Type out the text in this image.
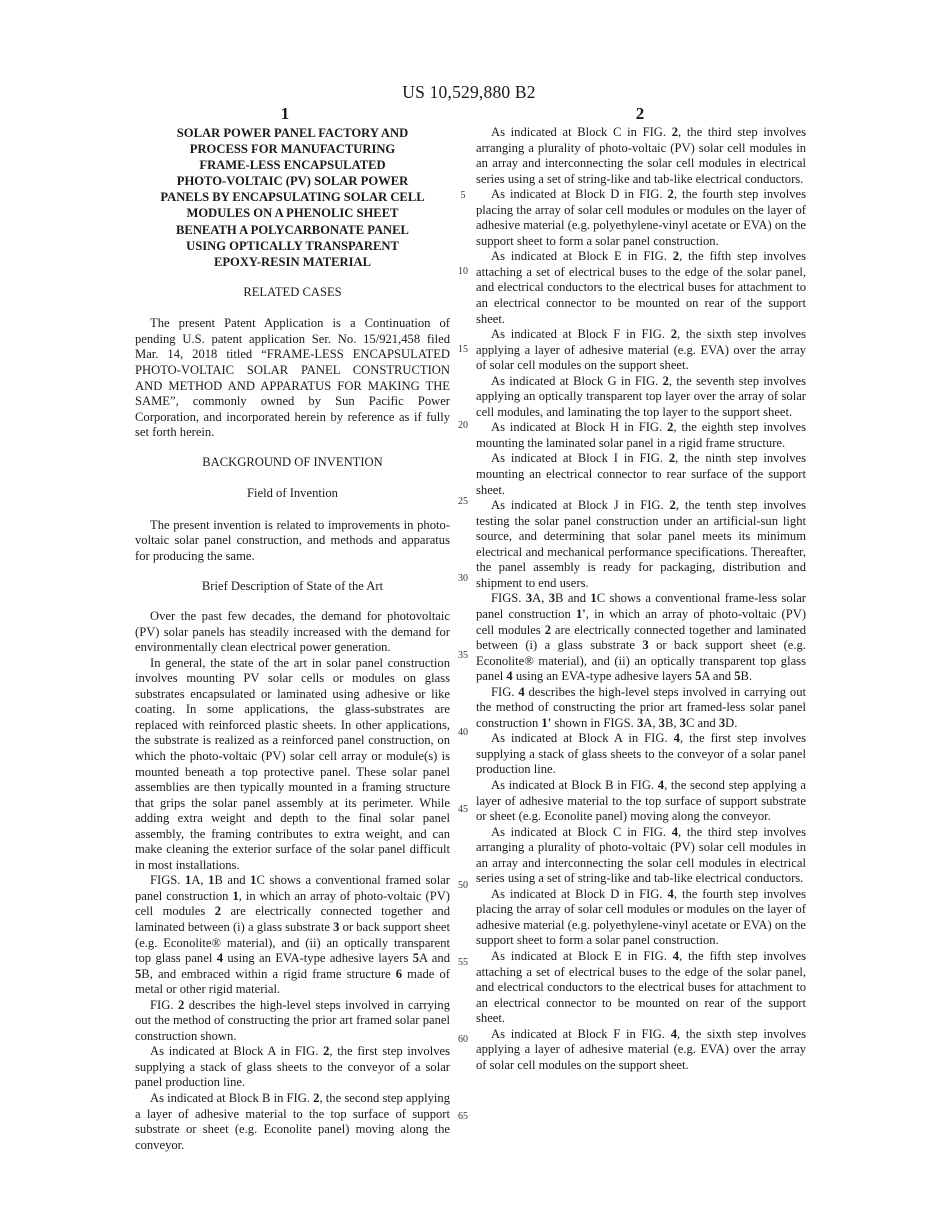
US 10,529,880 B2
1	2
SOLAR POWER PANEL FACTORY AND
PROCESS FOR MANUFACTURING
FRAME-LESS ENCAPSULATED
PHOTO-VOLTAIC (PV) SOLAR POWER
PANELS BY ENCAPSULATING SOLAR CELL
MODULES ON A PHENOLIC SHEET
BENEATH A POLYCARBONATE PANEL
USING OPTICALLY TRANSPARENT
EPOXY-RESIN MATERIAL
RELATED CASES

The present Patent Application is a Continuation of pending U.S. patent application Ser. No. 15/921,458 filed Mar. 14, 2018 titled “FRAME-LESS ENCAPSULATED PHOTO-VOLTAIC SOLAR PANEL CONSTRUCTION AND METHOD AND APPARATUS FOR MAKING THE SAME”, commonly owned by Sun Pacific Power Corporation, and incorporated herein by reference as if fully set forth herein.

BACKGROUND OF INVENTION
Field of Invention

The present invention is related to improvements in photo-voltaic solar panel construction, and methods and apparatus for producing the same.

Brief Description of State of the Art

Over the past few decades, the demand for photovoltaic (PV) solar panels has steadily increased with the demand for environmentally clean electrical power generation.

In general, the state of the art in solar panel construction involves mounting PV solar cells or modules on glass substrates encapsulated or laminated using adhesive or like coating. In some applications, the glass-substrates are replaced with reinforced plastic sheets. In other applications, the substrate is realized as a reinforced panel construction, on which the photo-voltaic (PV) solar cell array or module(s) is mounted beneath a top protective panel. These solar panel assemblies are then typically mounted in a framing structure that grips the solar panel assembly at its perimeter. While adding extra weight and depth to the final solar panel assembly, the framing contributes to extra weight, and can make cleaning the exterior surface of the solar panel difficult in most installations.

FIGS. 1A, 1B and 1C shows a conventional framed solar panel construction 1, in which an array of photo-voltaic (PV) cell modules 2 are electrically connected together and laminated between (i) a glass substrate 3 or back support sheet (e.g. Econolite® material), and (ii) an optically transparent top glass panel 4 using an EVA-type adhesive layers 5A and 5B, and embraced within a rigid frame structure 6 made of metal or other rigid material.

FIG. 2 describes the high-level steps involved in carrying out the method of constructing the prior art framed solar panel construction shown.

As indicated at Block A in FIG. 2, the first step involves supplying a stack of glass sheets to the conveyor of a solar panel production line.

As indicated at Block B in FIG. 2, the second step applying a layer of adhesive material to the top surface of support substrate or sheet (e.g. Econolite panel) moving along the conveyor.

As indicated at Block C in FIG. 2, the third step involves arranging a plurality of photo-voltaic (PV) solar cell modules in an array and interconnecting the solar cell modules in electrical series using a set of string-like and tab-like electrical conductors.

As indicated at Block D in FIG. 2, the fourth step involves placing the array of solar cell modules or modules on the layer of adhesive material (e.g. polyethylene-vinyl acetate or EVA) on the support sheet to form a solar panel construction.

As indicated at Block E in FIG. 2, the fifth step involves attaching a set of electrical buses to the edge of the solar panel, and electrical conductors to the electrical buses for attachment to an electrical connector to be mounted on rear of the support sheet.

As indicated at Block F in FIG. 2, the sixth step involves applying a layer of adhesive material (e.g. EVA) over the array of solar cell modules on the support sheet.

As indicated at Block G in FIG. 2, the seventh step involves applying an optically transparent top layer over the array of solar cell modules, and laminating the top layer to the support sheet.

As indicated at Block H in FIG. 2, the eighth step involves mounting the laminated solar panel in a rigid frame structure.

As indicated at Block I in FIG. 2, the ninth step involves mounting an electrical connector to rear surface of the support sheet.

As indicated at Block J in FIG. 2, the tenth step involves testing the solar panel construction under an artificial-sun light source, and determining that solar panel meets its minimum electrical and mechanical performance specifications. Thereafter, the panel assembly is ready for packaging, distribution and shipment to end users.

FIGS. 3A, 3B and 1C shows a conventional frame-less solar panel construction 1', in which an array of photo-voltaic (PV) cell modules 2 are electrically connected together and laminated between (i) a glass substrate 3 or back support sheet (e.g. Econolite® material), and (ii) an optically transparent top glass panel 4 using an EVA-type adhesive layers 5A and 5B.

FIG. 4 describes the high-level steps involved in carrying out the method of constructing the prior art framed-less solar panel construction 1' shown in FIGS. 3A, 3B, 3C and 3D.

As indicated at Block A in FIG. 4, the first step involves supplying a stack of glass sheets to the conveyor of a solar panel production line.

As indicated at Block B in FIG. 4, the second step applying a layer of adhesive material to the top surface of support substrate or sheet (e.g. Econolite panel) moving along the conveyor.

As indicated at Block C in FIG. 4, the third step involves arranging a plurality of photo-voltaic (PV) solar cell modules in an array and interconnecting the solar cell modules in electrical series using a set of string-like and tab-like electrical conductors.

As indicated at Block D in FIG. 4, the fourth step involves placing the array of solar cell modules or modules on the layer of adhesive material (e.g. polyethylene-vinyl acetate or EVA) on the support sheet to form a solar panel construction.

As indicated at Block E in FIG. 4, the fifth step involves attaching a set of electrical buses to the edge of the solar panel, and electrical conductors to the electrical buses for attachment to an electrical connector to be mounted on rear of the support sheet.

As indicated at Block F in FIG. 4, the sixth step involves applying a layer of adhesive material (e.g. EVA) over the array of solar cell modules on the support sheet.

5
10
15
20
25
30
35
40
45
50
55
60
65
